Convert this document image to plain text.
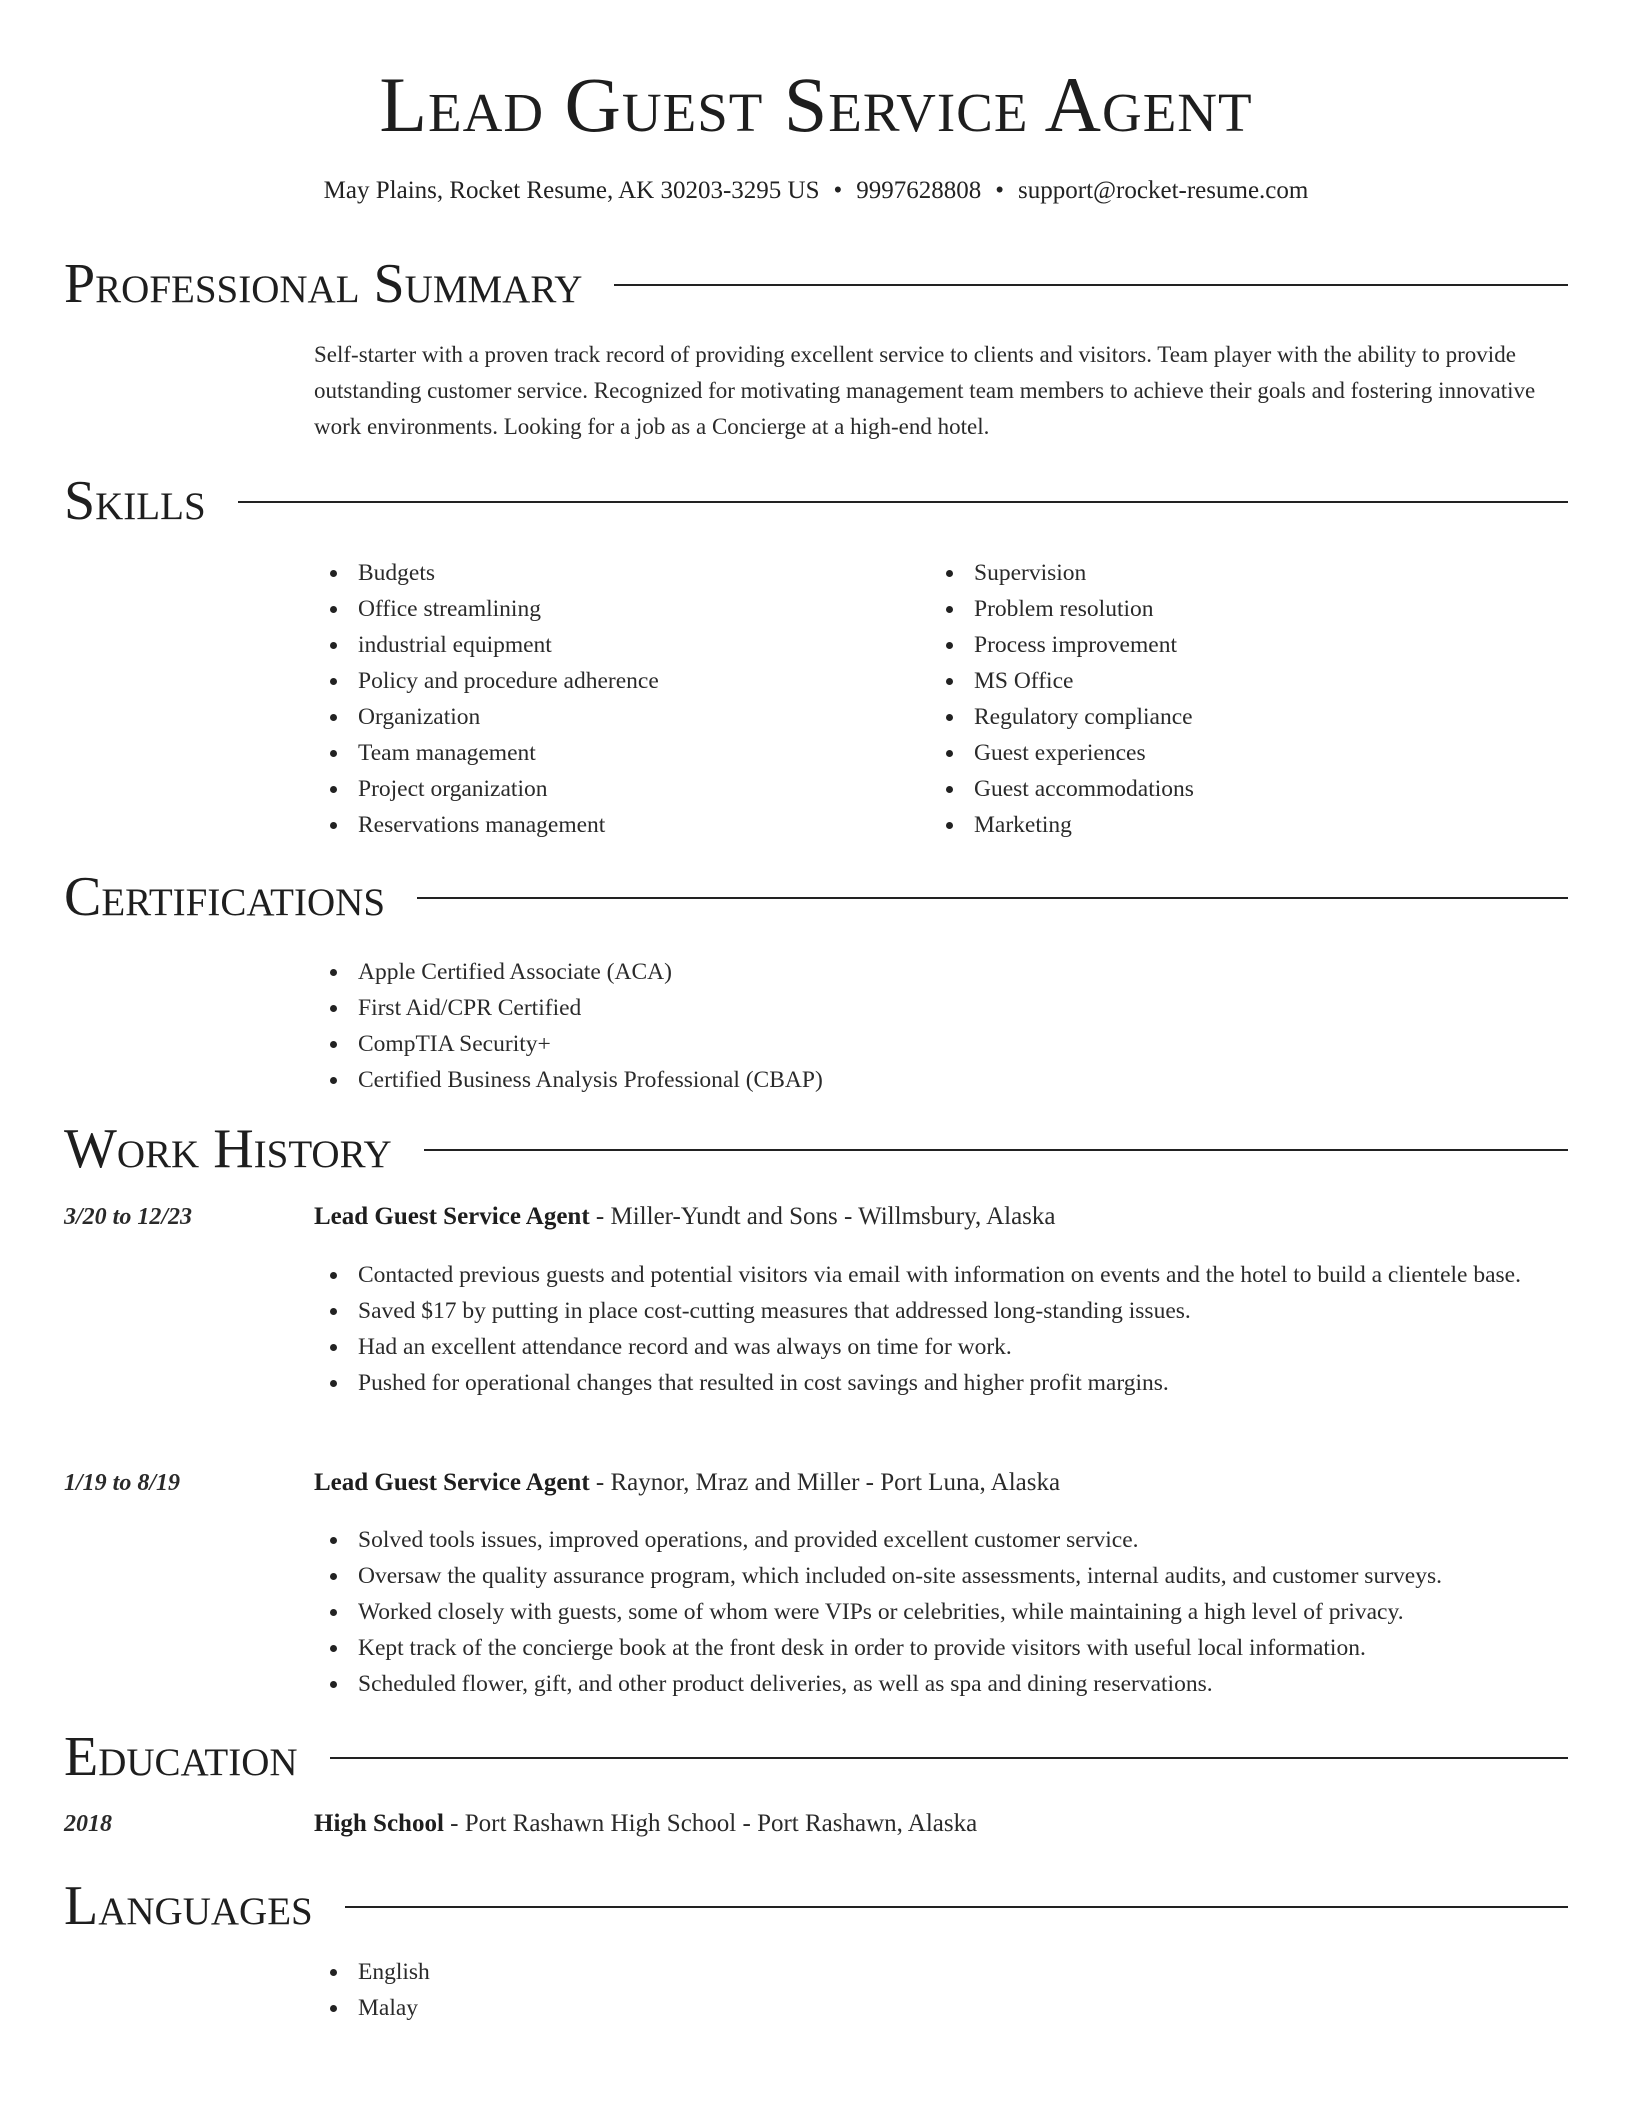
Lead Guest Service Agent
May Plains, Rocket Resume, AK 30203-3295 US • 9997628808 • support@rocket-resume.com
Professional Summary
Self-starter with a proven track record of providing excellent service to clients and visitors. Team player with the ability to provide outstanding customer service. Recognized for motivating management team members to achieve their goals and fostering innovative work environments. Looking for a job as a Concierge at a high-end hotel.
Skills
Budgets
Office streamlining
industrial equipment
Policy and procedure adherence
Organization
Team management
Project organization
Reservations management
Supervision
Problem resolution
Process improvement
MS Office
Regulatory compliance
Guest experiences
Guest accommodations
Marketing
Certifications
Apple Certified Associate (ACA)
First Aid/CPR Certified
CompTIA Security+
Certified Business Analysis Professional (CBAP)
Work History
3/20 to 12/23	Lead Guest Service Agent - Miller-Yundt and Sons - Willmsbury, Alaska
Contacted previous guests and potential visitors via email with information on events and the hotel to build a clientele base.
Saved $17 by putting in place cost-cutting measures that addressed long-standing issues.
Had an excellent attendance record and was always on time for work.
Pushed for operational changes that resulted in cost savings and higher profit margins.
1/19 to 8/19	Lead Guest Service Agent - Raynor, Mraz and Miller - Port Luna, Alaska
Solved tools issues, improved operations, and provided excellent customer service.
Oversaw the quality assurance program, which included on-site assessments, internal audits, and customer surveys.
Worked closely with guests, some of whom were VIPs or celebrities, while maintaining a high level of privacy.
Kept track of the concierge book at the front desk in order to provide visitors with useful local information.
Scheduled flower, gift, and other product deliveries, as well as spa and dining reservations.
Education
2018	High School - Port Rashawn High School - Port Rashawn, Alaska
Languages
English
Malay
